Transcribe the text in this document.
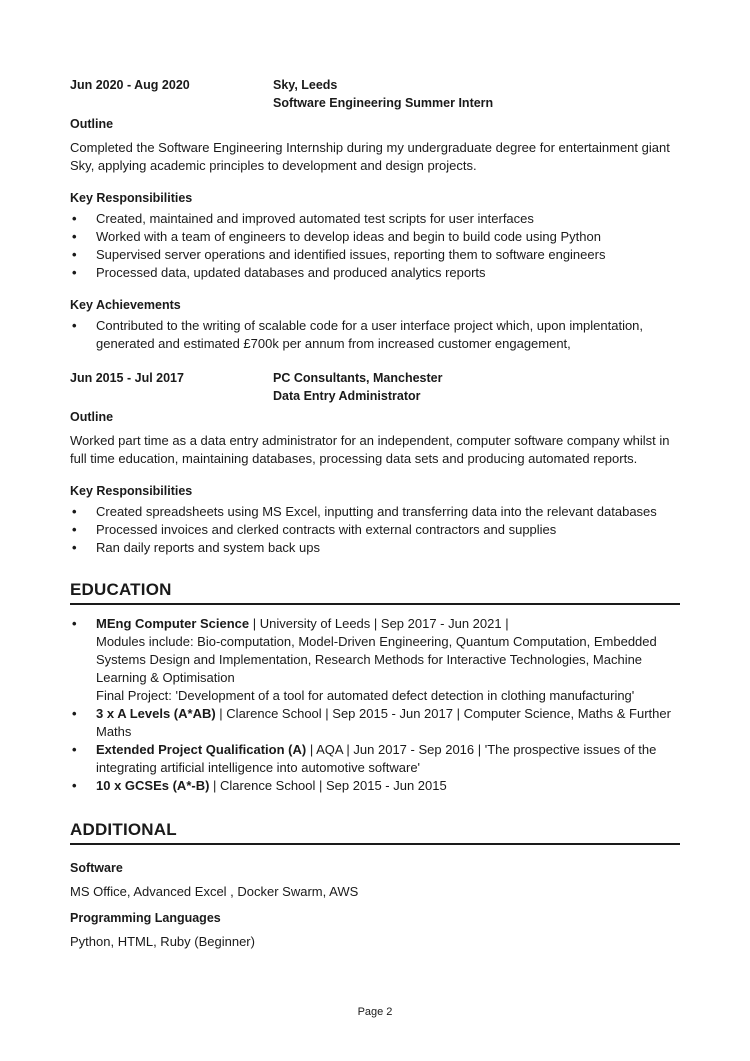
Jun 2020 - Aug 2020	Sky, Leeds
Software Engineering Summer Intern
Outline
Completed the Software Engineering Internship during my undergraduate degree for entertainment giant Sky, applying academic principles to development and design projects.
Key Responsibilities
• Created, maintained and improved automated test scripts for user interfaces
• Worked with a team of engineers to develop ideas and begin to build code using Python
• Supervised server operations and identified issues, reporting them to software engineers
• Processed data, updated databases and produced analytics reports
Key Achievements
• Contributed to the writing of scalable code for a user interface project which, upon implentation, generated and estimated £700k per annum from increased customer engagement,
Jun 2015 - Jul 2017	PC Consultants, Manchester
Data Entry Administrator
Outline
Worked part time as a data entry administrator for an independent, computer software company whilst in full time education, maintaining databases, processing data sets and producing automated reports.
Key Responsibilities
• Created spreadsheets using MS Excel, inputting and transferring data into the relevant databases
• Processed invoices and clerked contracts with external contractors and supplies
• Ran daily reports and system back ups
EDUCATION
• MEng Computer Science | University of Leeds | Sep 2017 - Jun 2021 |
Modules include: Bio-computation, Model-Driven Engineering, Quantum Computation, Embedded Systems Design and Implementation, Research Methods for Interactive Technologies, Machine Learning & Optimisation
Final Project: 'Development of a tool for automated defect detection in clothing manufacturing'
• 3 x A Levels (A*AB) | Clarence School | Sep 2015 - Jun 2017 | Computer Science, Maths & Further Maths
• Extended Project Qualification (A) | AQA | Jun 2017 - Sep 2016 | 'The prospective issues of the integrating artificial intelligence into automotive software'
• 10 x GCSEs (A*-B) | Clarence School | Sep 2015 - Jun 2015
ADDITIONAL
Software
MS Office, Advanced Excel , Docker Swarm, AWS
Programming Languages
Python, HTML, Ruby (Beginner)
Page 2
